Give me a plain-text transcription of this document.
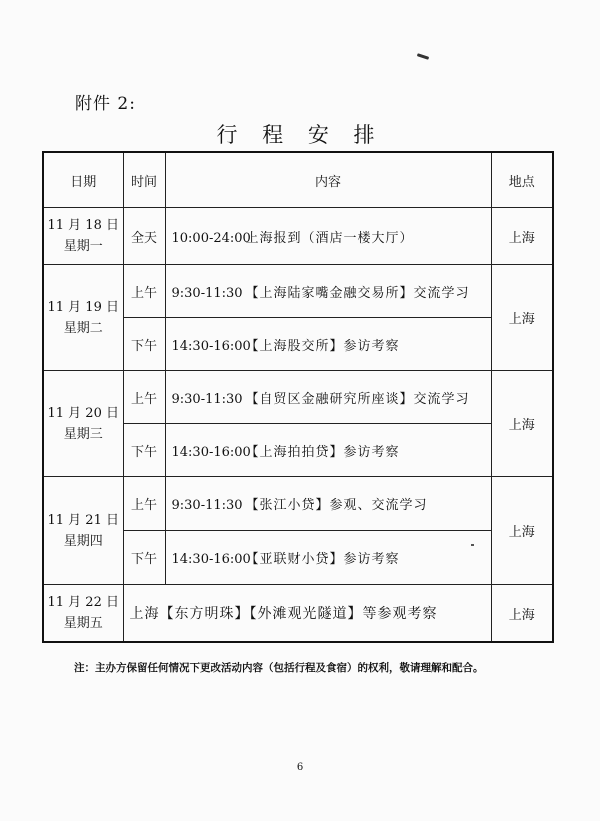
附件 2:
行 程 安 排
日期	时间	内容	地点

11 月 18 日
星期一	全天	10:00-24:00上海报到（酒店一楼大厅）	上海

11 月 19 日
星期二	上午	9:30-11:30 【上海陆家嘴金融交易所】交流学习	上海
	下午	14:30-16:00【上海股交所】参访考察	

11 月 20 日
星期三	上午	9:30-11:30 【自贸区金融研究所座谈】交流学习	上海
	下午	14:30-16:00【上海拍拍贷】参访考察	

11 月 21 日
星期四	上午	9:30-11:30 【张江小贷】参观、交流学习	上海
	下午	14:30-16:00【亚联财小贷】参访考察	

11 月 22 日
星期五	上海【东方明珠】【外滩观光隧道】等参观考察		上海
注：主办方保留任何情况下更改活动内容（包括行程及食宿）的权利，敬请理解和配合。
6
